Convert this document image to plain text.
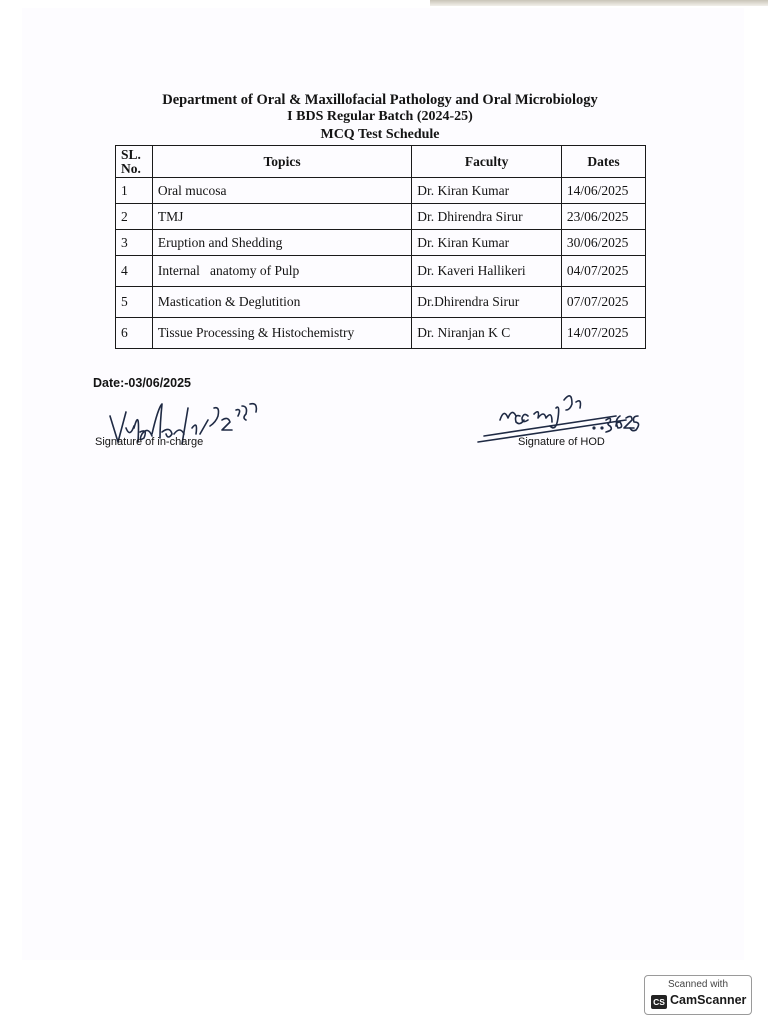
Department of Oral & Maxillofacial Pathology and Oral Microbiology
I BDS Regular Batch (2024-25)
MCQ Test Schedule
SL. No.	Topics	Faculty	Dates
1	Oral mucosa	Dr. Kiran Kumar	14/06/2025
2	TMJ	Dr. Dhirendra Sirur	23/06/2025
3	Eruption and Shedding	Dr. Kiran Kumar	30/06/2025
4	Internal   anatomy of Pulp	Dr. Kaveri Hallikeri	04/07/2025
5	Mastication & Deglutition	Dr.Dhirendra Sirur	07/07/2025
6	Tissue Processing & Histochemistry	Dr. Niranjan K C	14/07/2025
Date:-03/06/2025
Signature of in-charge	Signature of HOD
Scanned with
CS CamScanner
